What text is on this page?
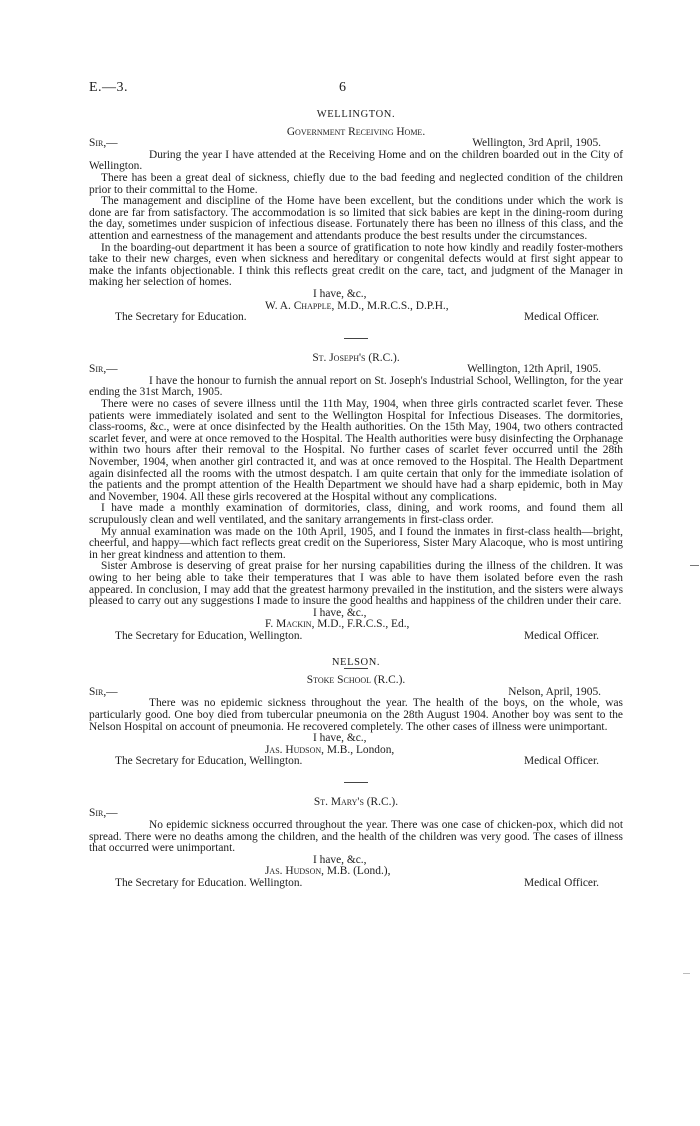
E.—3.	6
WELLINGTON.
Government Receiving Home.
Sir,—	Wellington, 3rd April, 1905.

During the year I have attended at the Receiving Home and on the children boarded out in the City of Wellington.

There has been a great deal of sickness, chiefly due to the bad feeding and neglected condition of the children prior to their committal to the Home.

The management and discipline of the Home have been excellent, but the conditions under which the work is done are far from satisfactory. The accommodation is so limited that sick babies are kept in the dining-room during the day, sometimes under suspicion of infectious disease. Fortunately there has been no illness of this class, and the attention and earnestness of the management and attendants produce the best results under the circumstances.

In the boarding-out department it has been a source of gratification to note how kindly and readily foster-mothers take to their new charges, even when sickness and hereditary or congenital defects would at first sight appear to make the infants objectionable. I think this reflects great credit on the care, tact, and judgment of the Manager in making her selection of homes.

I have, &c.,
W. A. Chapple, M.D., M.R.C.S., D.P.H.,
The Secretary for Education.	Medical Officer.
St. Joseph's (R.C.).
Sir,—	Wellington, 12th April, 1905.

I have the honour to furnish the annual report on St. Joseph's Industrial School, Wellington, for the year ending the 31st March, 1905.

There were no cases of severe illness until the 11th May, 1904, when three girls contracted scarlet fever. These patients were immediately isolated and sent to the Wellington Hospital for Infectious Diseases. The dormitories, class-rooms, &c., were at once disinfected by the Health authorities. On the 15th May, 1904, two others contracted scarlet fever, and were at once removed to the Hospital. The Health authorities were busy disinfecting the Orphanage within two hours after their removal to the Hospital. No further cases of scarlet fever occurred until the 28th November, 1904, when another girl contracted it, and was at once removed to the Hospital. The Health Department again disinfected all the rooms with the utmost despatch. I am quite certain that only for the immediate isolation of the patients and the prompt attention of the Health Department we should have had a sharp epidemic, both in May and November, 1904. All these girls recovered at the Hospital without any complications.

I have made a monthly examination of dormitories, class, dining, and work rooms, and found them all scrupulously clean and well ventilated, and the sanitary arrangements in first-class order.

My annual examination was made on the 10th April, 1905, and I found the inmates in first-class health—bright, cheerful, and happy—which fact reflects great credit on the Superioress, Sister Mary Alacoque, who is most untiring in her great kindness and attention to them.

Sister Ambrose is deserving of great praise for her nursing capabilities during the illness of the children. It was owing to her being able to take their temperatures that I was able to have them isolated before even the rash appeared. In conclusion, I may add that the greatest harmony prevailed in the institution, and the sisters were always pleased to carry out any suggestions I made to insure the good healths and happiness of the children under their care.

I have, &c.,
F. Mackin, M.D., F.R.C.S., Ed.,
The Secretary for Education, Wellington.	Medical Officer.
NELSON.
Stoke School (R.C.).
Sir,—	Nelson, April, 1905.

There was no epidemic sickness throughout the year. The health of the boys, on the whole, was particularly good. One boy died from tubercular pneumonia on the 28th August 1904. Another boy was sent to the Nelson Hospital on account of pneumonia. He recovered completely. The other cases of illness were unimportant.

I have, &c.,
Jas. Hudson, M.B., London,
The Secretary for Education, Wellington.	Medical Officer.
St. Mary's (R.C.).
Sir,—

No epidemic sickness occurred throughout the year. There was one case of chicken-pox, which did not spread. There were no deaths among the children, and the health of the children was very good. The cases of illness that occurred were unimportant.

I have, &c.,
Jas. Hudson, M.B. (Lond.),
The Secretary for Education. Wellington.	Medical Officer.
